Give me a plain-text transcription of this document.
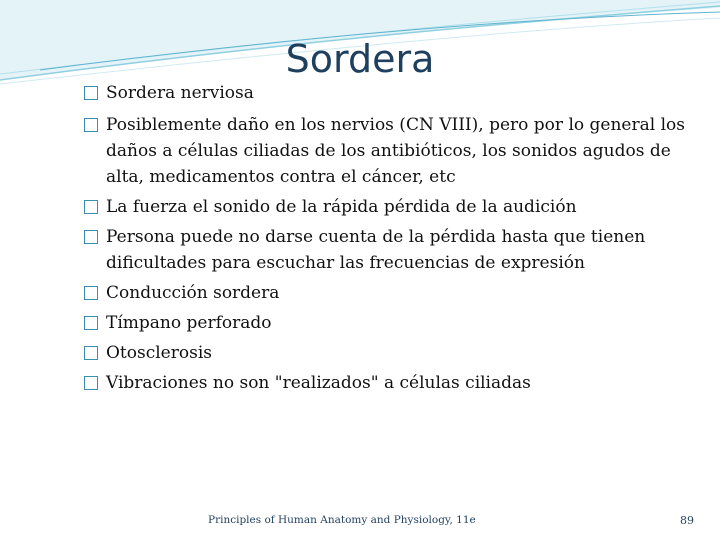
Sordera

Sordera nerviosa

Posiblemente daño en los nervios (CN VIII), pero por lo general los daños a células ciliadas de los antibióticos, los sonidos agudos de alta, medicamentos contra el cáncer, etc

La fuerza el sonido de la rápida pérdida de la audición

Persona puede no darse cuenta de la pérdida hasta que tienen dificultades para escuchar las frecuencias de expresión

Conducción sordera

Tímpano perforado

Otosclerosis

Vibraciones no son "realizados" a células ciliadas

Principles of Human Anatomy and Physiology, 11e	89
